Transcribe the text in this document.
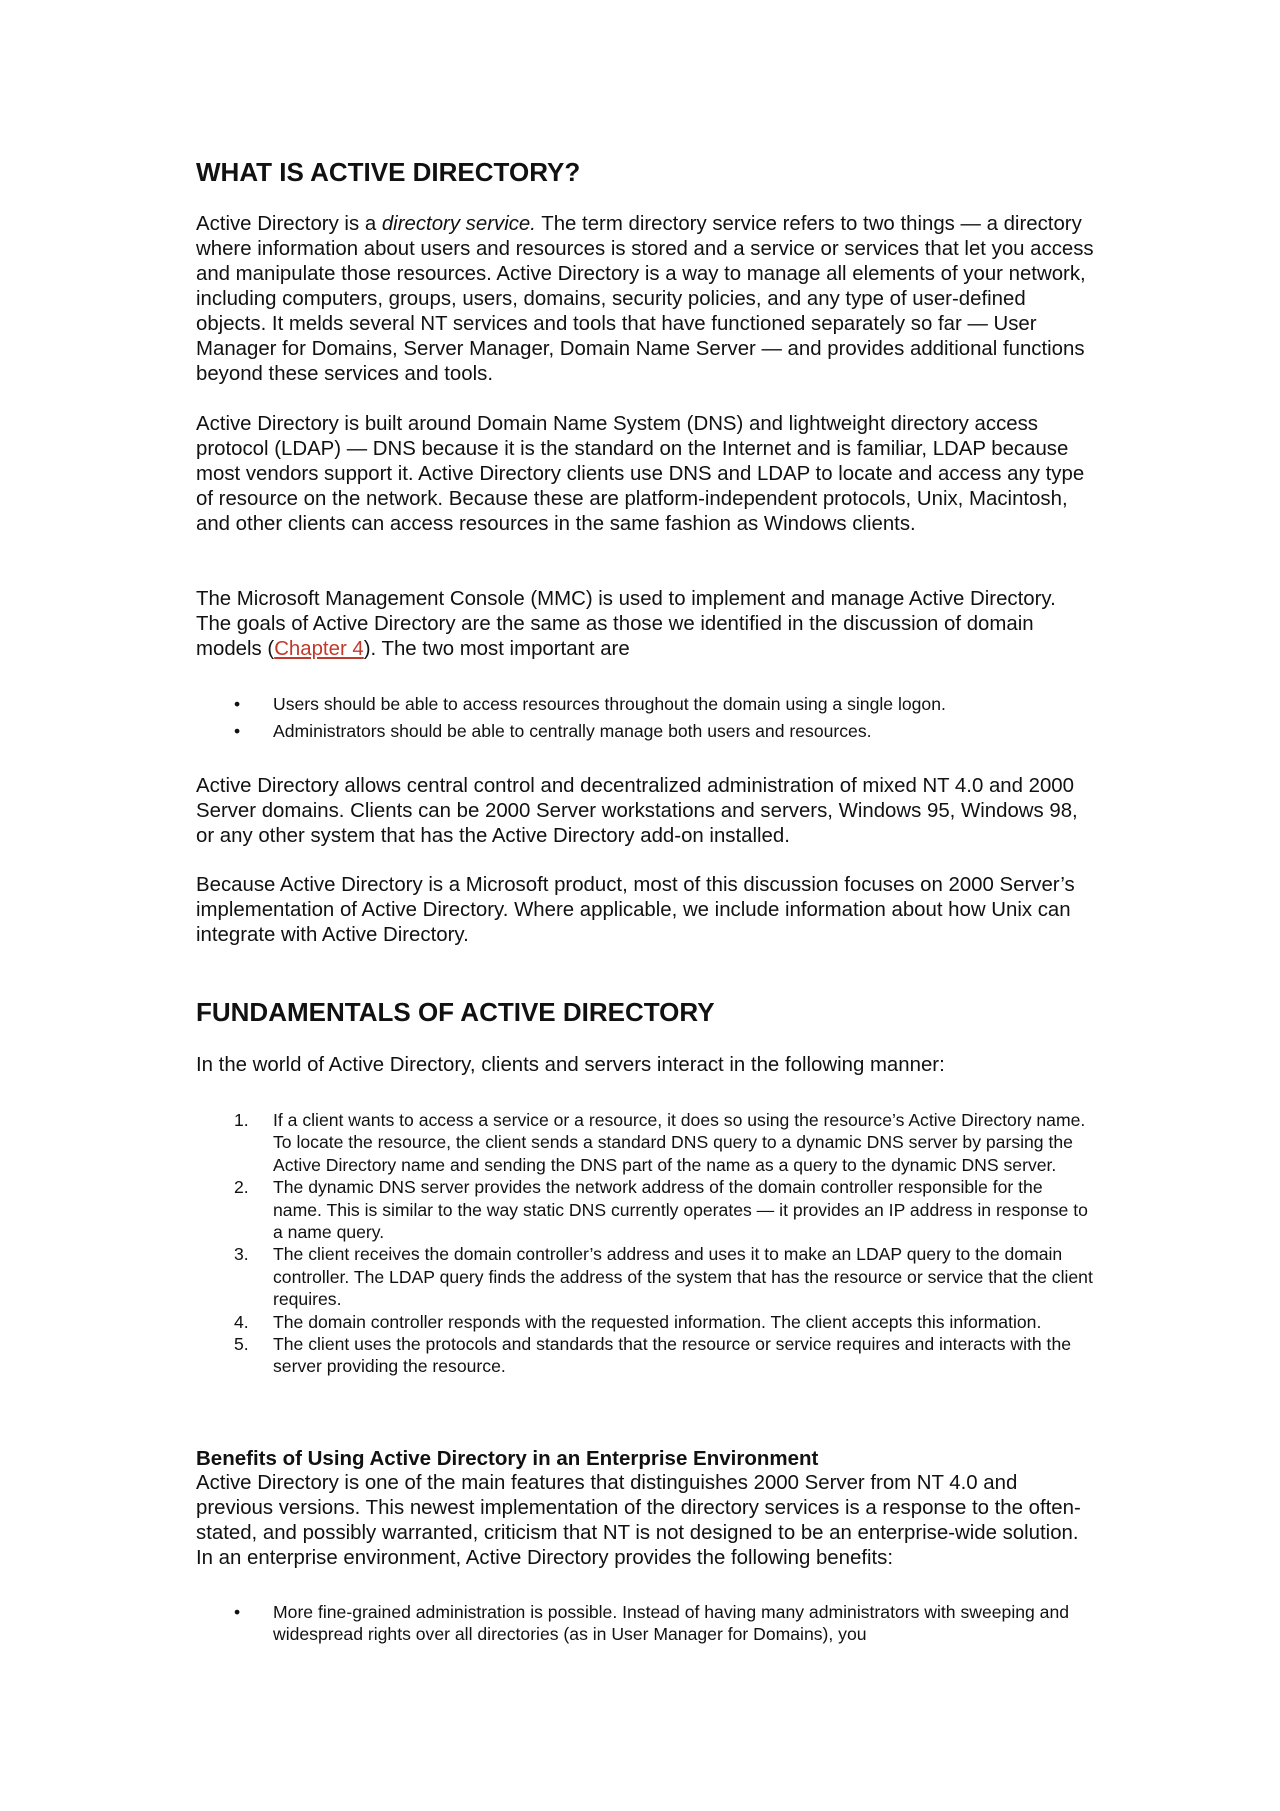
WHAT IS ACTIVE DIRECTORY?

Active Directory is a directory service. The term directory service refers to two things — a directory where information about users and resources is stored and a service or services that let you access and manipulate those resources. Active Directory is a way to manage all elements of your network, including computers, groups, users, domains, security policies, and any type of user-defined objects. It melds several NT services and tools that have functioned separately so far — User Manager for Domains, Server Manager, Domain Name Server — and provides additional functions beyond these services and tools.

Active Directory is built around Domain Name System (DNS) and lightweight directory access protocol (LDAP) — DNS because it is the standard on the Internet and is familiar, LDAP because most vendors support it. Active Directory clients use DNS and LDAP to locate and access any type of resource on the network. Because these are platform-independent protocols, Unix, Macintosh, and other clients can access resources in the same fashion as Windows clients.

The Microsoft Management Console (MMC) is used to implement and manage Active Directory. The goals of Active Directory are the same as those we identified in the discussion of domain models (Chapter 4). The two most important are

• Users should be able to access resources throughout the domain using a single logon.
• Administrators should be able to centrally manage both users and resources.

Active Directory allows central control and decentralized administration of mixed NT 4.0 and 2000 Server domains. Clients can be 2000 Server workstations and servers, Windows 95, Windows 98, or any other system that has the Active Directory add-on installed.

Because Active Directory is a Microsoft product, most of this discussion focuses on 2000 Server’s implementation of Active Directory. Where applicable, we include information about how Unix can integrate with Active Directory.

FUNDAMENTALS OF ACTIVE DIRECTORY

In the world of Active Directory, clients and servers interact in the following manner:

1.	If a client wants to access a service or a resource, it does so using the resource’s Active Directory name. To locate the resource, the client sends a standard DNS query to a dynamic DNS server by parsing the Active Directory name and sending the DNS part of the name as a query to the dynamic DNS server.
2.	The dynamic DNS server provides the network address of the domain controller responsible for the name. This is similar to the way static DNS currently operates — it provides an IP address in response to a name query.
3.	The client receives the domain controller’s address and uses it to make an LDAP query to the domain controller. The LDAP query finds the address of the system that has the resource or service that the client requires.
4.	The domain controller responds with the requested information. The client accepts this information.
5.	The client uses the protocols and standards that the resource or service requires and interacts with the server providing the resource.
Benefits of Using Active Directory in an Enterprise Environment

Active Directory is one of the main features that distinguishes 2000 Server from NT 4.0 and previous versions. This newest implementation of the directory services is a response to the often-stated, and possibly warranted, criticism that NT is not designed to be an enterprise-wide solution. In an enterprise environment, Active Directory provides the following benefits:

• More fine-grained administration is possible. Instead of having many administrators with sweeping and widespread rights over all directories (as in User Manager for Domains), you
